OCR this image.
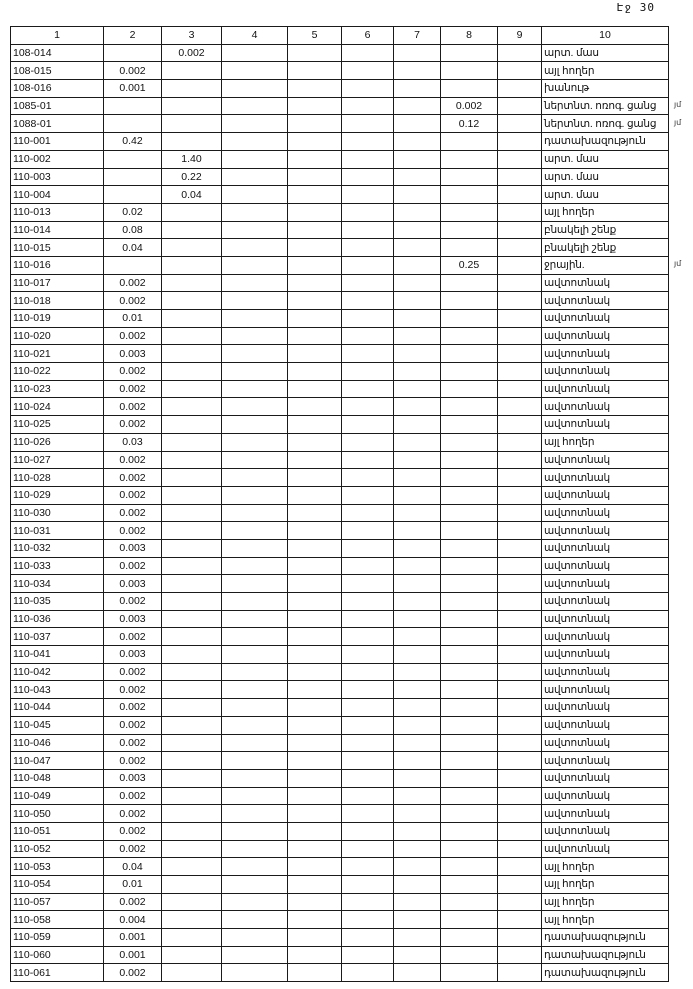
Էջ 30
1	2	3	4	5	6	7	8	9	10
108-014		0.002							արտ. մաս
108-015	0.002								այլ հողեր
108-016	0.001								խանութ
1085-01							0.002		ներտնտ. ոռոգ. ցանց
1088-01							0.12		ներտնտ. ոռոգ. ցանց
110-001	0.42								դատախազություն
110-002		1.40							արտ. մաս
110-003		0.22							արտ. մաս
110-004		0.04							արտ. մաս
110-013	0.02								այլ հողեր
110-014	0.08								բնակելի շենք
110-015	0.04								բնակելի շենք
110-016							0.25		ջրային.
110-017	0.002								ավտոտնակ
110-018	0.002								ավտոտնակ
110-019	0.01								ավտոտնակ
110-020	0.002								ավտոտնակ
110-021	0.003								ավտոտնակ
110-022	0.002								ավտոտնակ
110-023	0.002								ավտոտնակ
110-024	0.002								ավտոտնակ
110-025	0.002								ավտոտնակ
110-026	0.03								այլ հողեր
110-027	0.002								ավտոտնակ
110-028	0.002								ավտոտնակ
110-029	0.002								ավտոտնակ
110-030	0.002								ավտոտնակ
110-031	0.002								ավտոտնակ
110-032	0.003								ավտոտնակ
110-033	0.002								ավտոտնակ
110-034	0.003								ավտոտնակ
110-035	0.002								ավտոտնակ
110-036	0.003								ավտոտնակ
110-037	0.002								ավտոտնակ
110-041	0.003								ավտոտնակ
110-042	0.002								ավտոտնակ
110-043	0.002								ավտոտնակ
110-044	0.002								ավտոտնակ
110-045	0.002								ավտոտնակ
110-046	0.002								ավտոտնակ
110-047	0.002								ավտոտնակ
110-048	0.003								ավտոտնակ
110-049	0.002								ավտոտնակ
110-050	0.002								ավտոտնակ
110-051	0.002								ավտոտնակ
110-052	0.002								ավտոտնակ
110-053	0.04								այլ հողեր
110-054	0.01								այլ հողեր
110-057	0.002								այլ հողեր
110-058	0.004								այլ հողեր
110-059	0.001								դատախազություն
110-060	0.001								դատախազություն
110-061	0.002								դատախազություն
յմ
յմ
յմ
